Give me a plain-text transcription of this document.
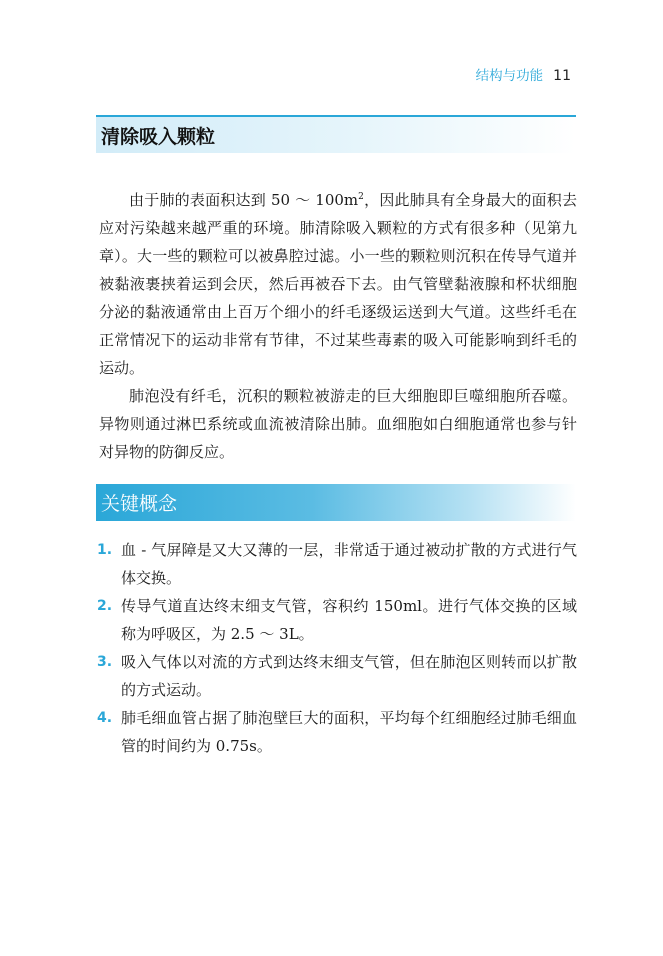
结构与功能 11
清除吸入颗粒

由于肺的表面积达到 50 ～ $100m^2$，因此肺具有全身最大的面积去应对污染越来越严重的环境。肺清除吸入颗粒的方式有很多种（见第九章）。大一些的颗粒可以被鼻腔过滤。小一些的颗粒则沉积在传导气道并被黏液裹挟着运到会厌，然后再被吞下去。由气管壁黏液腺和杯状细胞分泌的黏液通常由上百万个细小的纤毛逐级运送到大气道。这些纤毛在正常情况下的运动非常有节律，不过某些毒素的吸入可能影响到纤毛的运动。

肺泡没有纤毛，沉积的颗粒被游走的巨大细胞即巨噬细胞所吞噬。异物则通过淋巴系统或血流被清除出肺。血细胞如白细胞通常也参与针对异物的防御反应。

关键概念
1. 血 - 气屏障是又大又薄的一层，非常适于通过被动扩散的方式进行气体交换。
2. 传导气道直达终末细支气管，容积约 150ml。进行气体交换的区域称为呼吸区，为 2.5 ～ 3L。
3. 吸入气体以对流的方式到达终末细支气管，但在肺泡区则转而以扩散的方式运动。
4. 肺毛细血管占据了肺泡壁巨大的面积，平均每个红细胞经过肺毛细血管的时间约为 0.75s。
